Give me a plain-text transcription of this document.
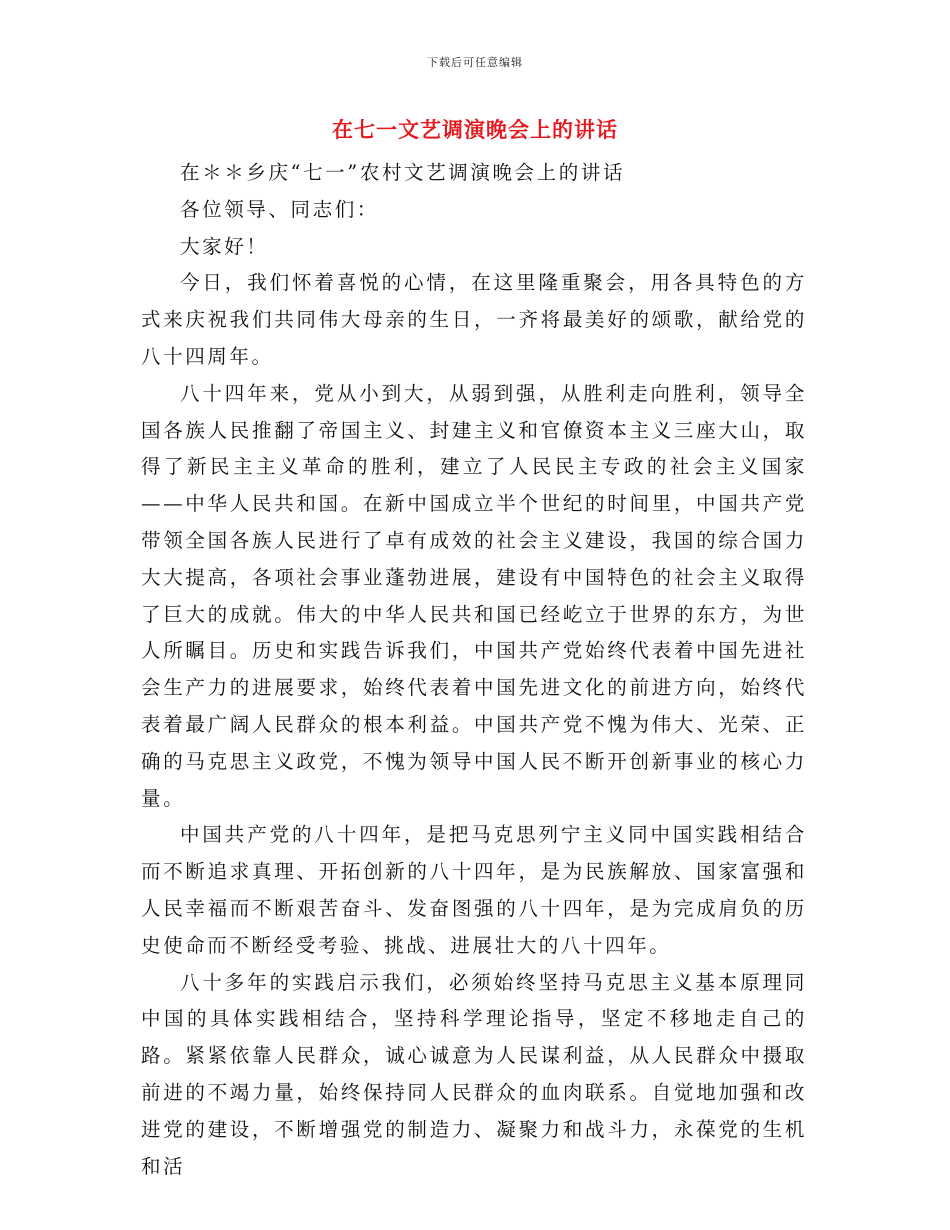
下载后可任意编辑
在七一文艺调演晚会上的讲话

在＊＊乡庆“七一”农村文艺调演晚会上的讲话

各位领导、同志们：

大家好！

今日，我们怀着喜悦的心情，在这里隆重聚会，用各具特色的方式来庆祝我们共同伟大母亲的生日，一齐将最美好的颂歌，献给党的八十四周年。

八十四年来，党从小到大，从弱到强，从胜利走向胜利，领导全国各族人民推翻了帝国主义、封建主义和官僚资本主义三座大山，取得了新民主主义革命的胜利，建立了人民民主专政的社会主义国家——中华人民共和国。在新中国成立半个世纪的时间里，中国共产党带领全国各族人民进行了卓有成效的社会主义建设，我国的综合国力大大提高，各项社会事业蓬勃进展，建设有中国特色的社会主义取得了巨大的成就。伟大的中华人民共和国已经屹立于世界的东方，为世人所瞩目。历史和实践告诉我们，中国共产党始终代表着中国先进社会生产力的进展要求，始终代表着中国先进文化的前进方向，始终代表着最广阔人民群众的根本利益。中国共产党不愧为伟大、光荣、正确的马克思主义政党，不愧为领导中国人民不断开创新事业的核心力量。

中国共产党的八十四年，是把马克思列宁主义同中国实践相结合而不断追求真理、开拓创新的八十四年，是为民族解放、国家富强和人民幸福而不断艰苦奋斗、发奋图强的八十四年，是为完成肩负的历史使命而不断经受考验、挑战、进展壮大的八十四年。

八十多年的实践启示我们，必须始终坚持马克思主义基本原理同中国的具体实践相结合，坚持科学理论指导，坚定不移地走自己的路。紧紧依靠人民群众，诚心诚意为人民谋利益，从人民群众中摄取前进的不竭力量，始终保持同人民群众的血肉联系。自觉地加强和改进党的建设，不断增强党的制造力、凝聚力和战斗力，永葆党的生机和活
